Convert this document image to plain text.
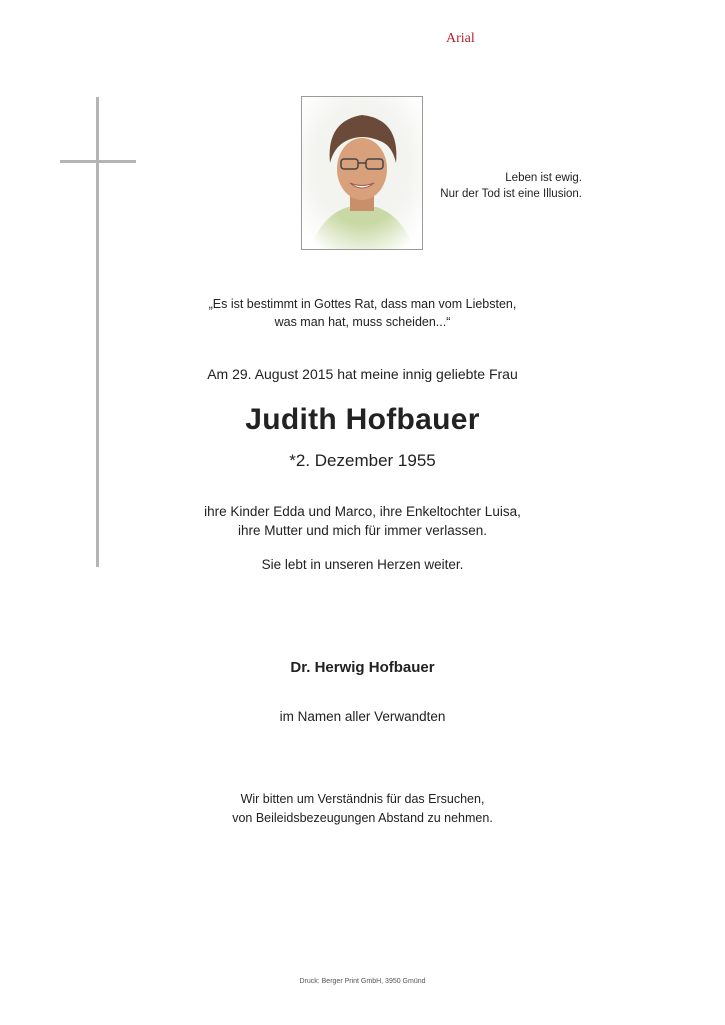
Arial
Leben ist ewig.
Nur der Tod ist eine Illusion.
„Es ist bestimmt in Gottes Rat, dass man vom Liebsten,
was man hat, muss scheiden...“
Am 29. August 2015 hat meine innig geliebte Frau
Judith Hofbauer
*2. Dezember 1955
ihre Kinder Edda und Marco, ihre Enkeltochter Luisa,
ihre Mutter und mich für immer verlassen.
Sie lebt in unseren Herzen weiter.
Dr. Herwig Hofbauer
im Namen aller Verwandten
Wir bitten um Verständnis für das Ersuchen,
von Beileidsbezeugungen Abstand zu nehmen.
Druck: Berger Print GmbH, 3950 Gmünd
